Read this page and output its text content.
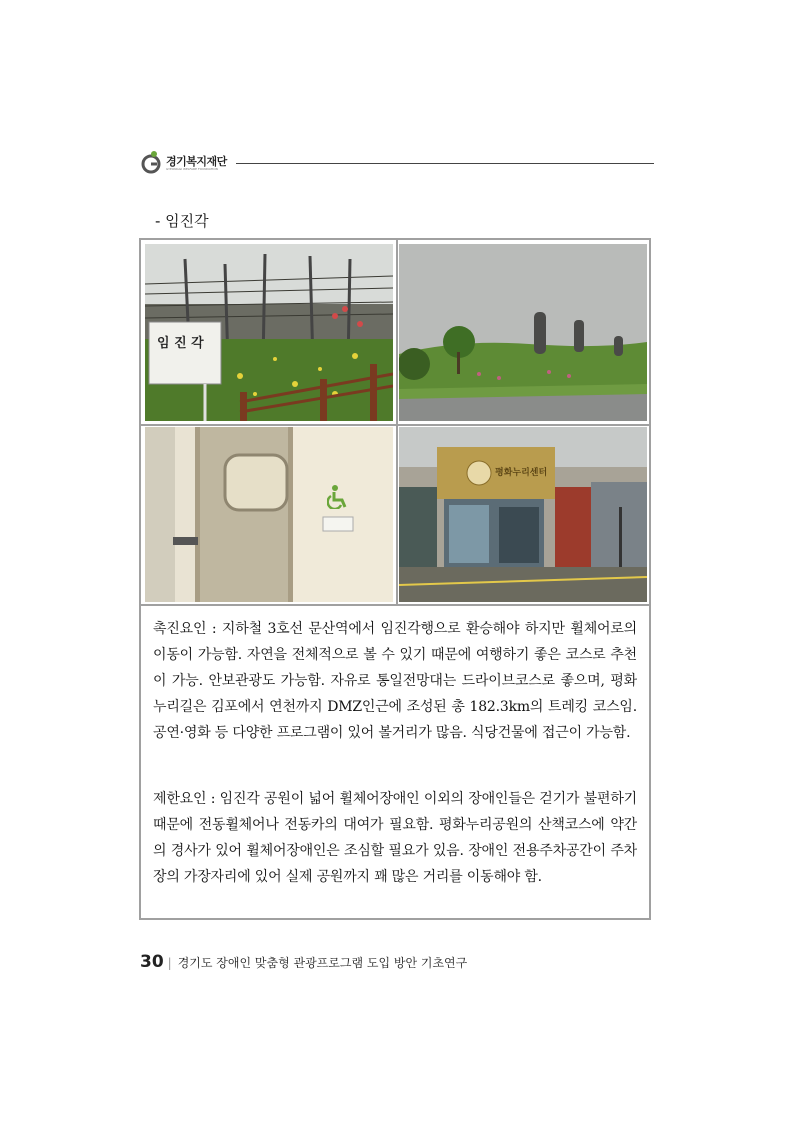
경기복지재단
GYEONGGI WELFARE FOUNDATION
- 임진각
임 진 각
평화누리센터

촉진요인 : 지하철 3호선 문산역에서 임진각행으로 환승해야 하지만 휠체어로의 이동이 가능함. 자연을 전체적으로 볼 수 있기 때문에 여행하기 좋은 코스로 추천이 가능. 안보관광도 가능함. 자유로 통일전망대는 드라이브코스로 좋으며, 평화누리길은 김포에서 연천까지 DMZ인근에 조성된 총 182.3km의 트레킹 코스임. 공연·영화 등 다양한 프로그램이 있어 볼거리가 많음. 식당건물에 접근이 가능함.

제한요인 : 임진각 공원이 넓어 휠체어장애인 이외의 장애인들은 걷기가 불편하기 때문에 전동휠체어나 전동카의 대여가 필요함. 평화누리공원의 산책코스에 약간의 경사가 있어 휠체어장애인은 조심할 필요가 있음. 장애인 전용주차공간이 주차장의 가장자리에 있어 실제 공원까지 꽤 많은 거리를 이동해야 함.

30 | 경기도 장애인 맞춤형 관광프로그램 도입 방안 기초연구
